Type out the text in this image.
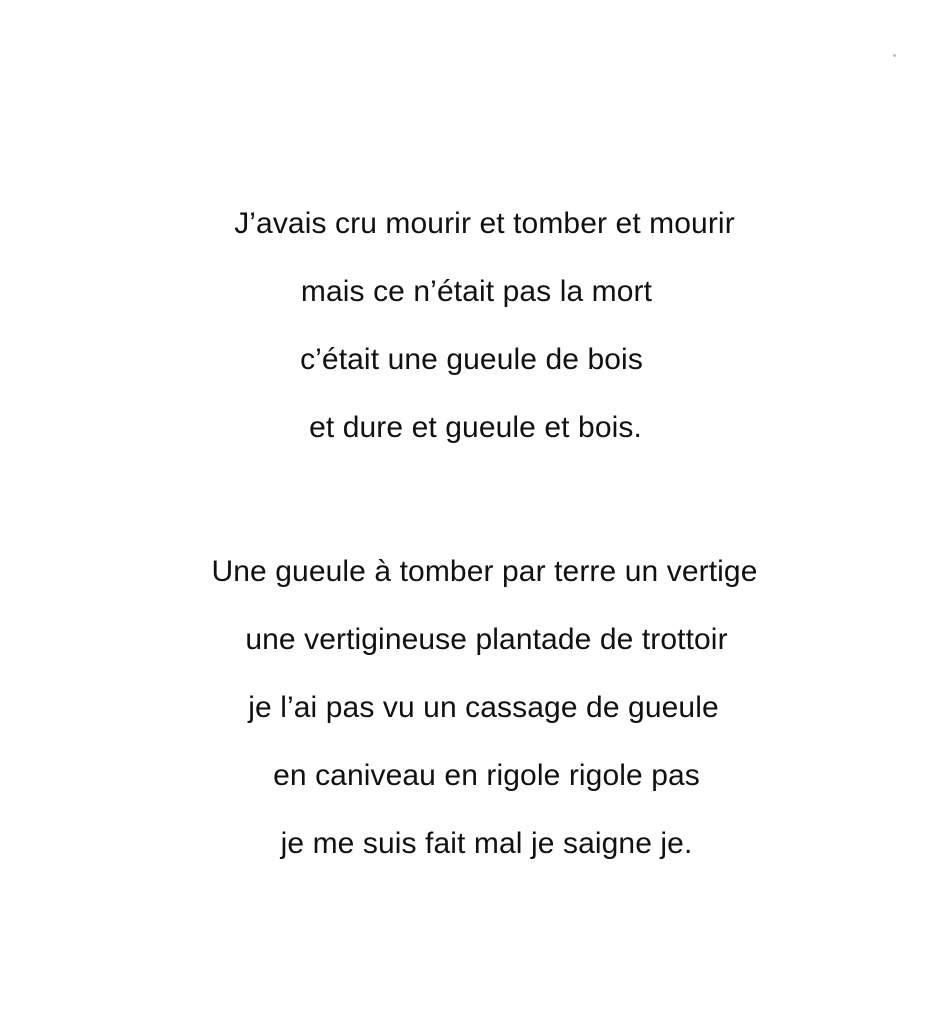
J’avais cru mourir et tomber et mourir
mais ce n’était pas la mort
c’était une gueule de bois
et dure et gueule et bois.
Une gueule à tomber par terre un vertige
une vertigineuse plantade de trottoir
je l’ai pas vu un cassage de gueule
en caniveau en rigole rigole pas
je me suis fait mal je saigne je.
